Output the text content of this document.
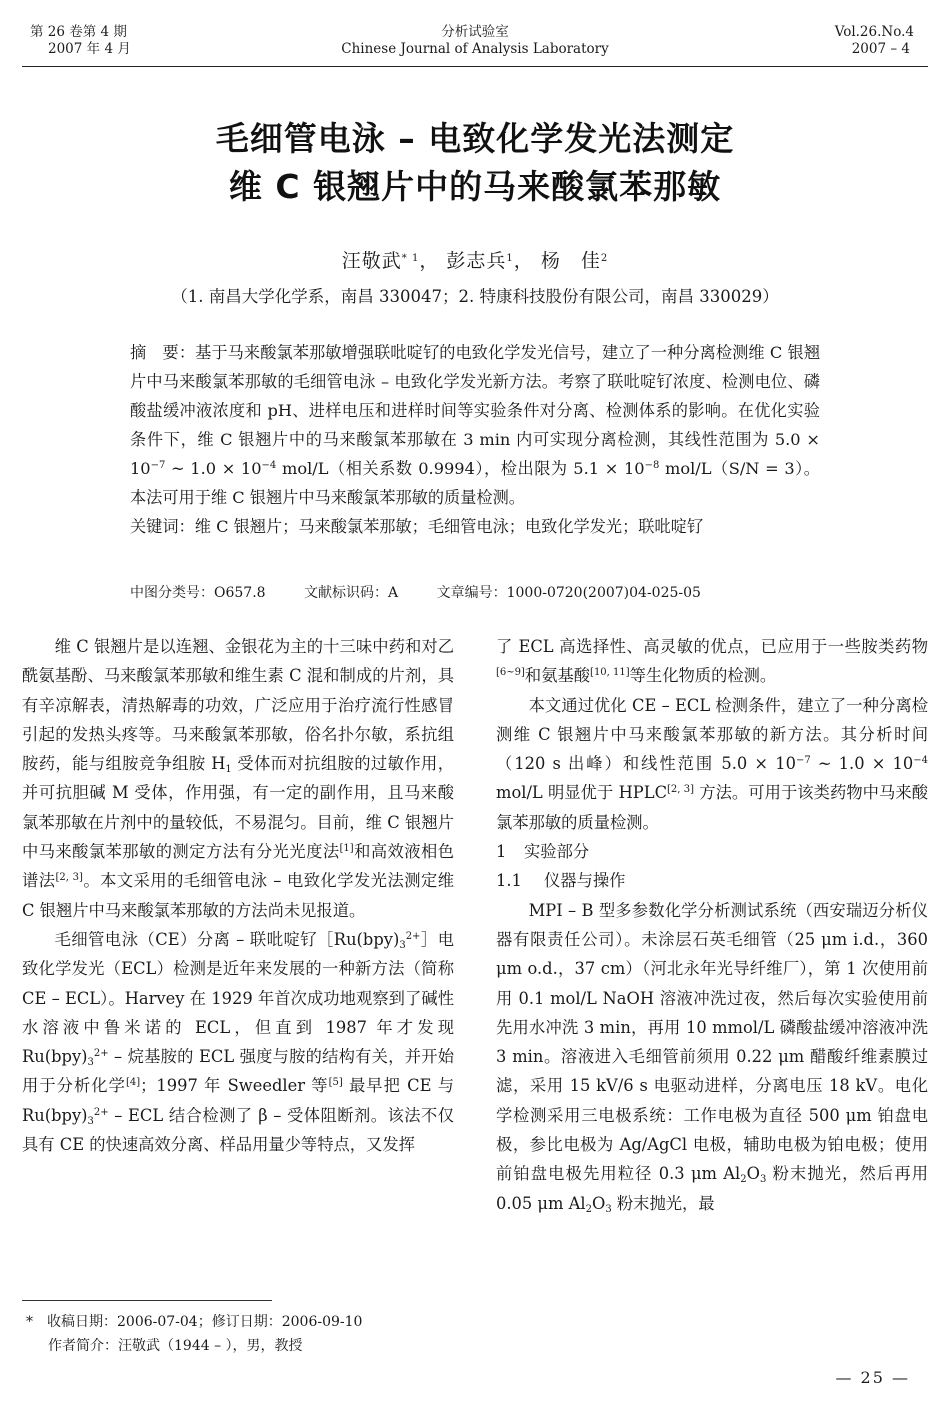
第 26 卷第 4 期
2007 年 4 月
分析试验室
Chinese Journal of Analysis Laboratory
Vol.26.No.4
2007 – 4
毛细管电泳 – 电致化学发光法测定
维 C 银翘片中的马来酸氯苯那敏
汪敬武$^{* 1}$， 彭志兵$^1$， 杨　佳$^2$
（1. 南昌大学化学系，南昌 330047；2. 特康科技股份有限公司，南昌 330029）

摘　要：基于马来酸氯苯那敏增强联吡啶钌的电致化学发光信号，建立了一种分离检测维 C 银翘片中马来酸氯苯那敏的毛细管电泳 – 电致化学发光新方法。考察了联吡啶钌浓度、检测电位、磷酸盐缓冲液浓度和 pH、进样电压和进样时间等实验条件对分离、检测体系的影响。在优化实验条件下，维 C 银翘片中的马来酸氯苯那敏在 3 min 内可实现分离检测，其线性范围为 $5.0 \times 10^{-7}$ ~ $1.0 \times 10^{-4}$ mol/L（相关系数 0.9994），检出限为 $5.1 \times 10^{-8}$ mol/L（S/N = 3）。本法可用于维 C 银翘片中马来酸氯苯那敏的质量检测。

关键词：维 C 银翘片；马来酸氯苯那敏；毛细管电泳；电致化学发光；联吡啶钌

中图分类号：O657.8	文献标识码：A	文章编号：1000-0720(2007)04-025-05

维 C 银翘片是以连翘、金银花为主的十三味中药和对乙酰氨基酚、马来酸氯苯那敏和维生素 C 混和制成的片剂，具有辛凉解表，清热解毒的功效，广泛应用于治疗流行性感冒引起的发热头疼等。马来酸氯苯那敏，俗名扑尔敏，系抗组胺药，能与组胺竞争组胺 $H_1$ 受体而对抗组胺的过敏作用，并可抗胆碱 M 受体，作用强，有一定的副作用，且马来酸氯苯那敏在片剂中的量较低，不易混匀。目前，维 C 银翘片中马来酸氯苯那敏的测定方法有分光光度法[1]和高效液相色谱法[2, 3]。本文采用的毛细管电泳 – 电致化学发光法测定维 C 银翘片中马来酸氯苯那敏的方法尚未见报道。

毛细管电泳（CE）分离 – 联吡啶钌$[Ru(bpy)_3^{2+}]$电致化学发光（ECL）检测是近年来发展的一种新方法（简称 CE – ECL）。Harvey 在 1929 年首次成功地观察到了碱性水溶液中鲁米诺的 ECL，但直到 1987 年才发现 $Ru(bpy)_3^{2+}$ – 烷基胺的 ECL 强度与胺的结构有关，并开始用于分析化学[4]；1997 年 Sweedler 等[5] 最早把 CE 与 $Ru(bpy)_3^{2+}$ – ECL 结合检测了 β – 受体阻断剂。该法不仅具有 CE 的快速高效分离、样品用量少等特点，又发挥

了 ECL 高选择性、高灵敏的优点，已应用于一些胺类药物[6~9]和氨基酸[10, 11]等生化物质的检测。

本文通过优化 CE – ECL 检测条件，建立了一种分离检测维 C 银翘片中马来酸氯苯那敏的新方法。其分析时间（120 s 出峰）和线性范围 $5.0 \times 10^{-7}$ ~ $1.0 \times 10^{-4}$ mol/L 明显优于 HPLC[2, 3] 方法。可用于该类药物中马来酸氯苯那敏的质量检测。

1 实验部分

1.1 仪器与操作

MPI – B 型多参数化学分析测试系统（西安瑞迈分析仪器有限责任公司）。未涂层石英毛细管（25 μm i.d.，360 μm o.d.，37 cm）（河北永年光导纤维厂），第 1 次使用前用 0.1 mol/L NaOH 溶液冲洗过夜，然后每次实验使用前先用水冲洗 3 min，再用 10 mmol/L 磷酸盐缓冲溶液冲洗 3 min。溶液进入毛细管前须用 0.22 μm 醋酸纤维素膜过滤，采用 15 kV/6 s 电驱动进样，分离电压 18 kV。电化学检测采用三电极系统：工作电极为直径 500 μm 铂盘电极，参比电极为 Ag/AgCl 电极，辅助电极为铂电极；使用前铂盘电极先用粒径 0.3 μm $Al_2O_3$ 粉末抛光，然后再用 0.05 μm $Al_2O_3$ 粉末抛光，最

* 收稿日期：2006-07-04；修订日期：2006-09-10
作者简介：汪敬武（1944 – ），男，教授
— 25 —
